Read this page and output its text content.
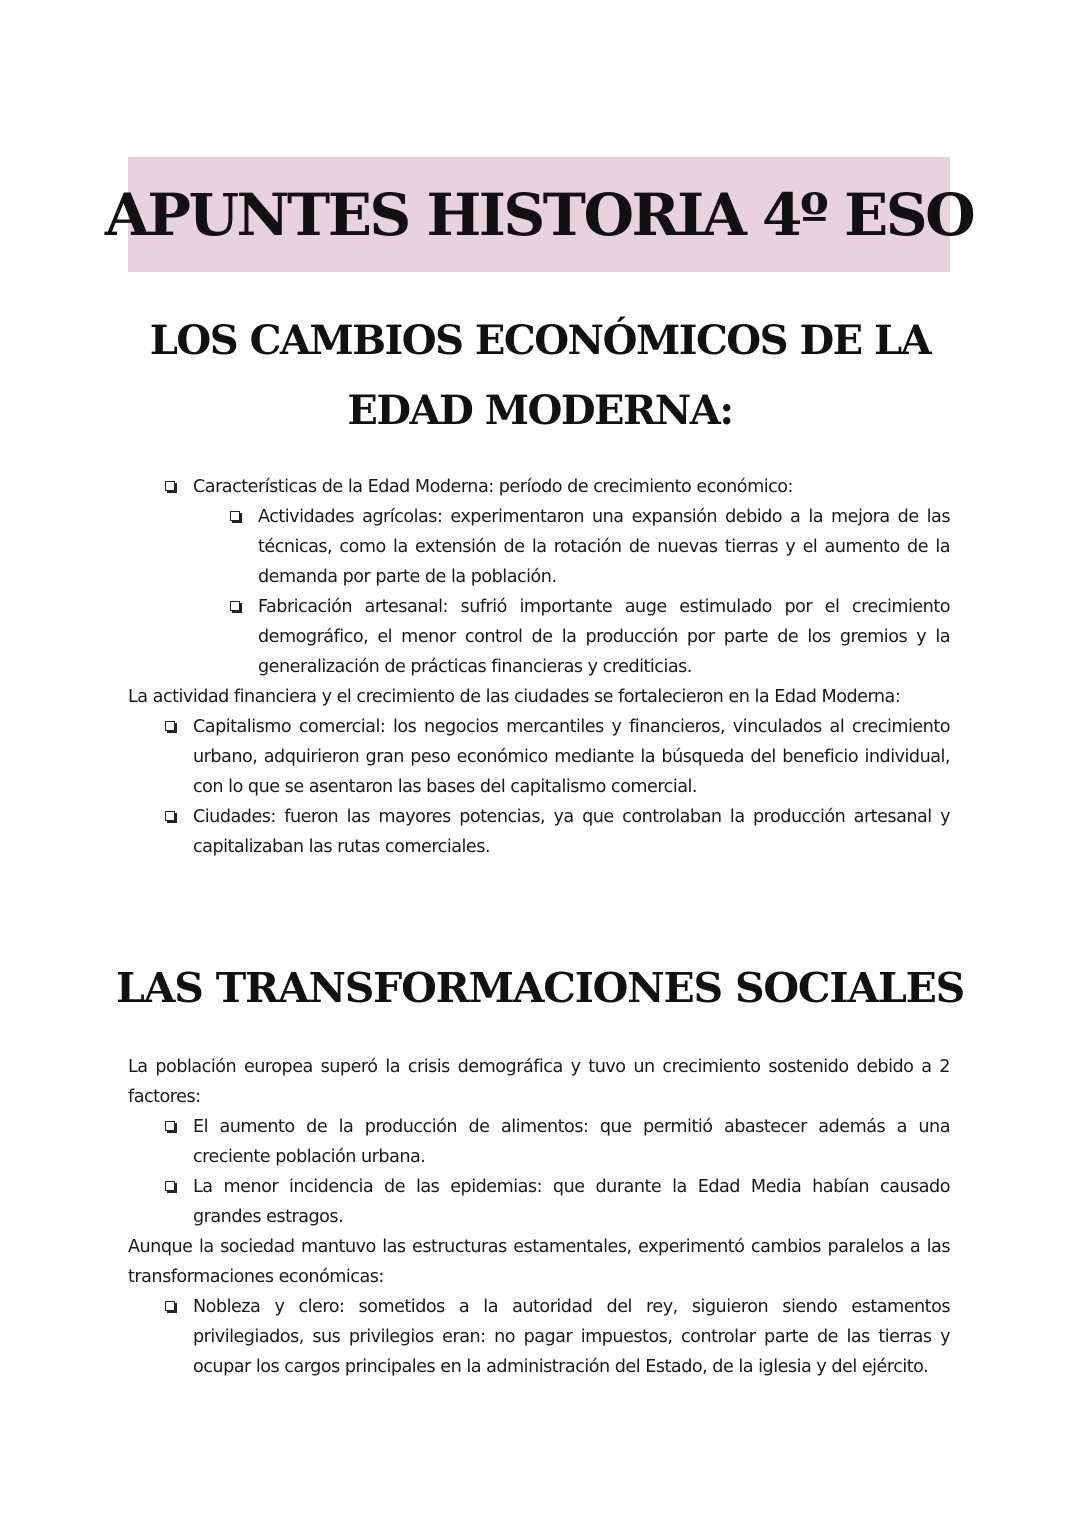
APUNTES HISTORIA 4º ESO
LOS CAMBIOS ECONÓMICOS DE LA
EDAD MODERNA:
Características de la Edad Moderna: período de crecimiento económico:
Actividades agrícolas: experimentaron una expansión debido a la mejora de las técnicas, como la extensión de la rotación de nuevas tierras y el aumento de la demanda por parte de la población.
Fabricación artesanal: sufrió importante auge estimulado por el crecimiento demográfico, el menor control de la producción por parte de los gremios y la generalización de prácticas financieras y crediticias.

La actividad financiera y el crecimiento de las ciudades se fortalecieron en la Edad Moderna:

Capitalismo comercial: los negocios mercantiles y financieros, vinculados al crecimiento urbano, adquirieron gran peso económico mediante la búsqueda del beneficio individual, con lo que se asentaron las bases del capitalismo comercial.
Ciudades: fueron las mayores potencias, ya que controlaban la producción artesanal y capitalizaban las rutas comerciales.
LAS TRANSFORMACIONES SOCIALES

La población europea superó la crisis demográfica y tuvo un crecimiento sostenido debido a 2 factores:

El aumento de la producción de alimentos: que permitió abastecer además a una creciente población urbana.
La menor incidencia de las epidemias: que durante la Edad Media habían causado grandes estragos.

Aunque la sociedad mantuvo las estructuras estamentales, experimentó cambios paralelos a las transformaciones económicas:

Nobleza y clero: sometidos a la autoridad del rey, siguieron siendo estamentos privilegiados, sus privilegios eran: no pagar impuestos, controlar parte de las tierras y ocupar los cargos principales en la administración del Estado, de la iglesia y del ejército.
